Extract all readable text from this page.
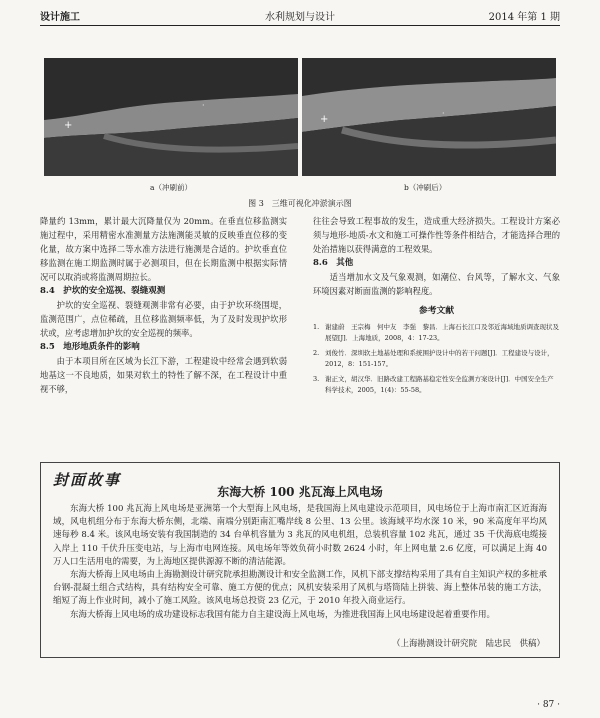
设计施工	水利规划与设计	2014 年第 1 期
·
+
a（冲刷前）
·
+
b（冲刷后）
图 3　三维可视化冲淤演示图

降量约 13mm，累计最大沉降量仅为 20mm。在垂直位移监测实施过程中，采用精密水准测量方法施测能灵敏的反映垂直位移的变化量，故方案中选择二等水准方法进行施测是合适的。护坎垂直位移监测在施工期监测时属于必测项目，但在长期监测中根据实际情况可以取消或将监测周期拉长。

8.4　护坎的安全巡视、裂缝观测

护坎的安全巡视、裂缝观测非常有必要，由于护坎环绕围堤，监测范围广，点位稀疏，且位移监测频率低，为了及时发现护坎形状或，应考虑增加护坎的安全巡视的频率。

8.5　地形地质条件的影响

由于本项目所在区域为长江下游，工程建设中经常会遇到软弱地基这一不良地质，如果对软土的特性了解不深，在工程设计中重视不够，

往往会导致工程事故的发生，造成重大经济损失。工程设计方案必须与地形-地质-水文和施工可操作性等条件相结合，才能选择合理的处治措施以获得满意的工程效果。

8.6　其他

适当增加水文及气象观测，如潮位、台风等，了解水文、气象环境因素对断面监测的影响程度。

参考文献
1. 谢建蔚　王宗梅　何中友　李强　黎昌．上海石长江口及邻近海域地质调查现状及展望[J]．上海地质，2008，4：17-23。
2. 刘俊竹．深圳软土地基处理和系统围护设计中的若干问题[J]．工程建设与设计，2012，8：151-157。
3. 谢正文，胡汉华．旧路改建工程路基稳定性安全监测方案设计[J]．中国安全生产科学技术，2005，1(4)：55-58。
封面故事
东海大桥 100 兆瓦海上风电场

东海大桥 100 兆瓦海上风电场是亚洲第一个大型海上风电场，是我国海上风电建设示范项目，风电场位于上海市南汇区近海海域，风电机组分布于东海大桥东侧，北端、南端分别距南汇嘴岸线 8 公里、13 公里。该海域平均水深 10 米，90 米高度年平均风速每秒 8.4 米。该风电场安装有我国制造的 34 台单机容量为 3 兆瓦的风电机组，总装机容量 102 兆瓦，通过 35 千伏海底电缆接入岸上 110 千伏升压变电站，与上海市电网连接。风电场年等效负荷小时数 2624 小时，年上网电量 2.6 亿度，可以满足上海 40 万人口生活用电的需要，为上海地区提供源源不断的清洁能源。

东海大桥海上风电场由上海勘测设计研究院承担勘测设计和安全监测工作，风机下部支撑结构采用了具有自主知识产权的多桩承台钢-混凝土组合式结构，具有结构安全可靠、施工方便的优点；风机安装采用了风机与塔筒陆上拼装、海上整体吊装的施工方法，缩短了海上作业时间，减小了施工风险。该风电场总投资 23 亿元，于 2010 年投入商业运行。

东海大桥海上风电场的成功建设标志我国有能力自主建设海上风电场，为推进我国海上风电场建设起着重要作用。

（上海勘测设计研究院　陆忠民　供稿）
· 87 ·
